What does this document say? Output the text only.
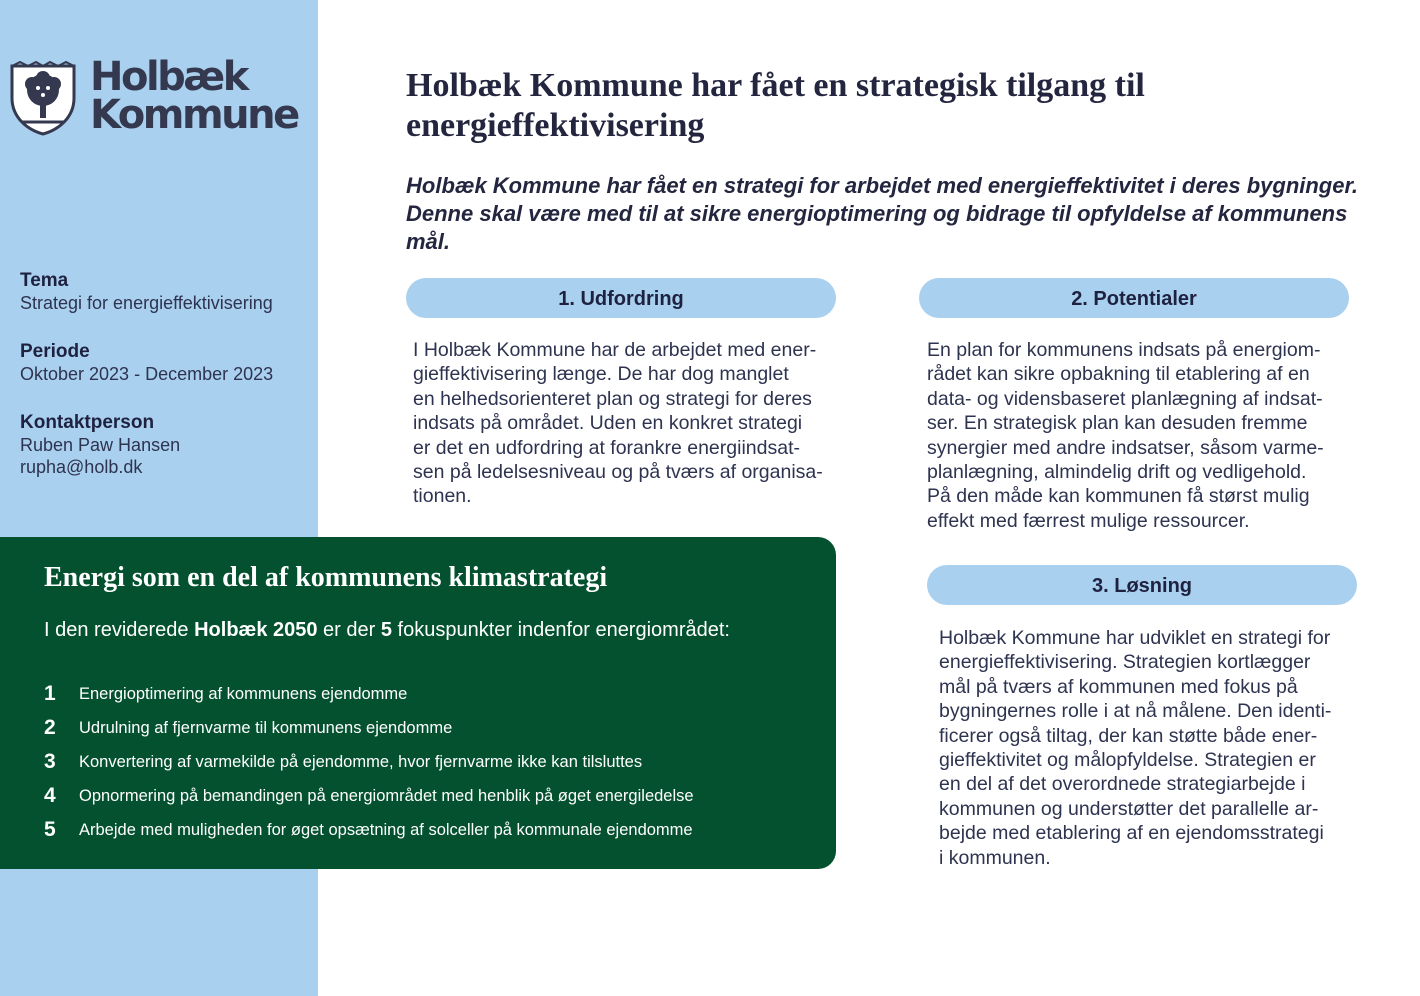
Holbæk
Kommune
Tema
Strategi for energieffektivisering
Periode
Oktober 2023 - December 2023
Kontaktperson
Ruben Paw Hansen
rupha@holb.dk
Holbæk Kommune har fået en strategisk tilgang til energieffektivisering

Holbæk Kommune har fået en strategi for arbejdet med energieffektivitet i deres bygninger. Denne skal være med til at sikre energioptimering og bidrage til opfyldelse af kommunens mål.

1. Udfordring

I Holbæk Kommune har de arbejdet med ener-
gieffektivisering længe. De har dog manglet
en helhedsorienteret plan og strategi for deres
indsats på området. Uden en konkret strategi
er det en udfordring at forankre energiindsat-
sen på ledelsesniveau og på tværs af organisa-
tionen.

2. Potentialer

En plan for kommunens indsats på energiom-
rådet kan sikre opbakning til etablering af en
data- og vidensbaseret planlægning af indsat-
ser. En strategisk plan kan desuden fremme
synergier med andre indsatser, såsom varme-
planlægning, almindelig drift og vedligehold.
På den måde kan kommunen få størst mulig
effekt med færrest mulige ressourcer.

3. Løsning

Holbæk Kommune har udviklet en strategi for
energieffektivisering. Strategien kortlægger
mål på tværs af kommunen med fokus på
bygningernes rolle i at nå målene. Den identi-
ficerer også tiltag, der kan støtte både ener-
gieffektivitet og målopfyldelse. Strategien er
en del af det overordnede strategiarbejde i
kommunen og understøtter det parallelle ar-
bejde med etablering af en ejendomsstrategi
i kommunen.

Energi som en del af kommunens klimastrategi

I den reviderede Holbæk 2050 er der 5 fokuspunkter indenfor energiområdet:

1	Energioptimering af kommunens ejendomme
2	Udrulning af fjernvarme til kommunens ejendomme
3	Konvertering af varmekilde på ejendomme, hvor fjernvarme ikke kan tilsluttes
4	Opnormering på bemandingen på energiområdet med henblik på øget energiledelse
5	Arbejde med muligheden for øget opsætning af solceller på kommunale ejendomme
